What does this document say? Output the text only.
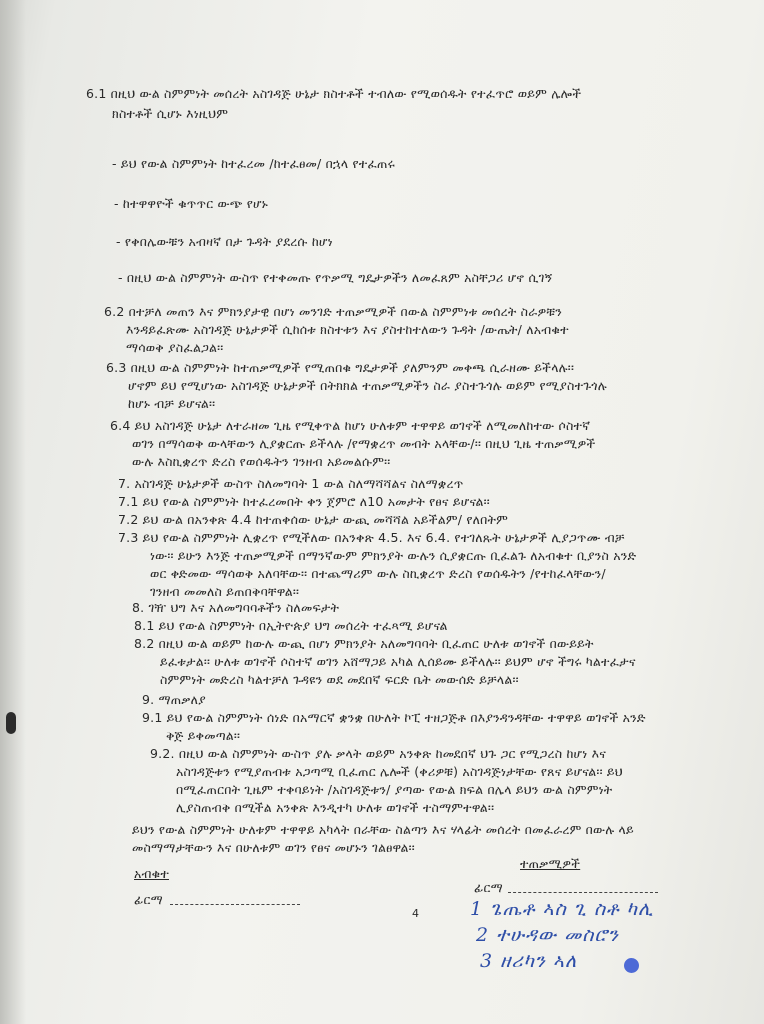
6.1 በዚህ ውል ስምምነት መሰረት አስገዳጅ ሁኔታ ክስተቶች ተብለው የሚወሰዱት የተፈጥሮ ወይም ሌሎች
ክስተቶች ሲሆኑ እነዚህም
- ይህ የውል ስምምነት ከተፈረመ /ከተፈፀመ/ በኋላ የተፈጠሩ
- ከተዋዋዮች ቁጥጥር ውጭ የሆኑ
- የቀበሌውቹን አብዛኛ በታ ጉዳት ያደረሱ ከሆነ
- በዚህ ውል ስምምነት ውስጥ የተቀመጡ የጥቃሚ ግዴታዎችን ለመፈጸም አስቸጋሪ ሆኖ ሲገኝ
6.2 በተቻለ መጠን እና ምክንያታዊ በሆነ መንገድ ተጠቃሚዎች በውል ስምምነቱ መሰረት ስራዎቹን
እንዳይፈጽሙ አስገዳጅ ሁኔታዎች ሲከሰቱ ክስተቱን እና ያስተከተለውን ጉዳት /ውጤት/ ለአብቁተ
ማሳወቅ ያስፈልጋል፡፡
6.3 በዚህ ውል ስምምነት ከተጠቃሚዎች የሚጠበቁ ግዴታዎች ያለምንም መቀጫ ሲራዘሙ ይችላሉ፡፡
ሆኖም ይህ የሚሆነው አስገዳጅ ሁኔታዎች በትክክል ተጠቃሚዎችን ስራ ያስተጉጎሉ ወይም የሚያስተጉጎሉ
ከሆኑ ብቻ ይሆናል፡፡
6.4 ይህ አስገዳጅ ሁኔታ ለተራዘመ ጊዜ የሚቀጥል ከሆነ ሁለቱም ተዋዋይ ወገኖች ለሚመለከተው ሶስተኛ
ወገን በማሳወቅ ውላቸውን ሊያቋርጡ ይችላሉ /የማቋረጥ መብት አላቸው/፡፡ በዚህ ጊዜ ተጠቃሚዎች
ውሉ እስኪቋረጥ ድረስ የወሰዱትን ገንዘብ አይመልሱም፡፡
7. አስገዳጅ ሁኔታዎች ውስጥ ስለመግባት 1 ውል ስለማሻሻልና ስለማቋረጥ
7.1 ይህ የውል ስምምነት ከተፈረመበት ቀን ጀምሮ ለ10 አመታት የፀና ይሆናል፡፡
7.2 ይህ ውል በአንቀጽ 4.4 ከተጠቀሰው ሁኔታ ውጪ መሻሻል አይችልም/ የለበትም
7.3 ይህ የውል ስምምነት ሊቋረጥ የሚችለው በአንቀጽ 4.5. እና 6.4. የተገለጹት ሁኔታዎች ሊያጋጥሙ ብቻ
ነው፡፡ ይሁን እንጅ ተጠቃሚዎች በማንኛውም ምክንያት ውሉን ሲያቋርጡ ቢፈልጉ ለአብቁተ ቢያንስ አንድ
ወር ቀድመው ማሳወቅ አለባቸው፡፡ በተጨማሪም ውሉ ስኪቋረጥ ድረስ የወሰዱትን /የተከፈላቸውን/
ገንዘብ መመለስ ይጠበቅባቸዋል፡፡
8. ገዥ ህግ እና አለመግባባቶችን ስለመፍታት
8.1 ይህ የውል ስምምነት በኢትዮጵያ ህግ መሰረት ተፈጻሚ ይሆናል
8.2 በዚህ ውል ወይም ከውሉ ውጪ በሆነ ምክንያት አለመግባባት ቢፈጠር ሁለቱ ወገኖች በውይይት
ይፈቱታል፡፡ ሁለቱ ወገኖች ሶስተኛ ወገን አሸማጋይ አካል ሊሰይሙ ይችላሉ፡፡ ይህም ሆኖ ችግሩ ካልተፈታና
ስምምነት መድረስ ካልተቻለ ጉዳዩን ወደ መደበኛ ፍርድ ቤት መውሰድ ይቻላል፡፡
9. ማጠቃለያ
9.1 ይህ የውል ስምምነት ሰነድ በአማርኛ ቋንቋ በሁለት ኮፒ ተዘጋጅቶ በእያንዳንዳቸው ተዋዋይ ወገኖች አንድ
ቅጅ ይቀመጣል፡፡
9.2. በዚህ ውል ስምምነት ውስጥ ያሉ ቃላት ወይም አንቀጽ ከመደበኛ ህጉ ጋር የሚጋረስ ከሆነ እና
አስገዳጅቱን የሚያጠብቱ አጋጣሚ ቢፈጠር ሌሎች (ቀሪዎቹ) አስገዳጅነታቸው የጸና ይሆናል፡፡ ይህ
በሚፈጠርበት ጊዜም ተቀባይነት /አስገዳጅቱን/ ያጣው የውል ክፍል በሌላ ይህን ውል ስምምነት
ሊያስጠብቅ በሚችል አንቀጽ እንዲተካ ሁለቱ ወገኖች ተስማምተዋል፡፡
ይህን የውል ስምምነት ሁለቱም ተዋዋይ አካላት በራቸው ስልጣን እና ሃላፊት መሰረት በመፈራረም በውሉ ላይ
መስማማታቸውን እና በሁለቱም ወገን የፀና መሆኑን ገልፀዋል፡፡
አብቁተ
ተጠቃሚዎች
ፊርማ
ፊርማ
4	1 ጌጤቶ ኣስ ጊ ስቶ ካሊ
2 ተሁዳው መስሮን
3 ዘሪካን ኣለ
